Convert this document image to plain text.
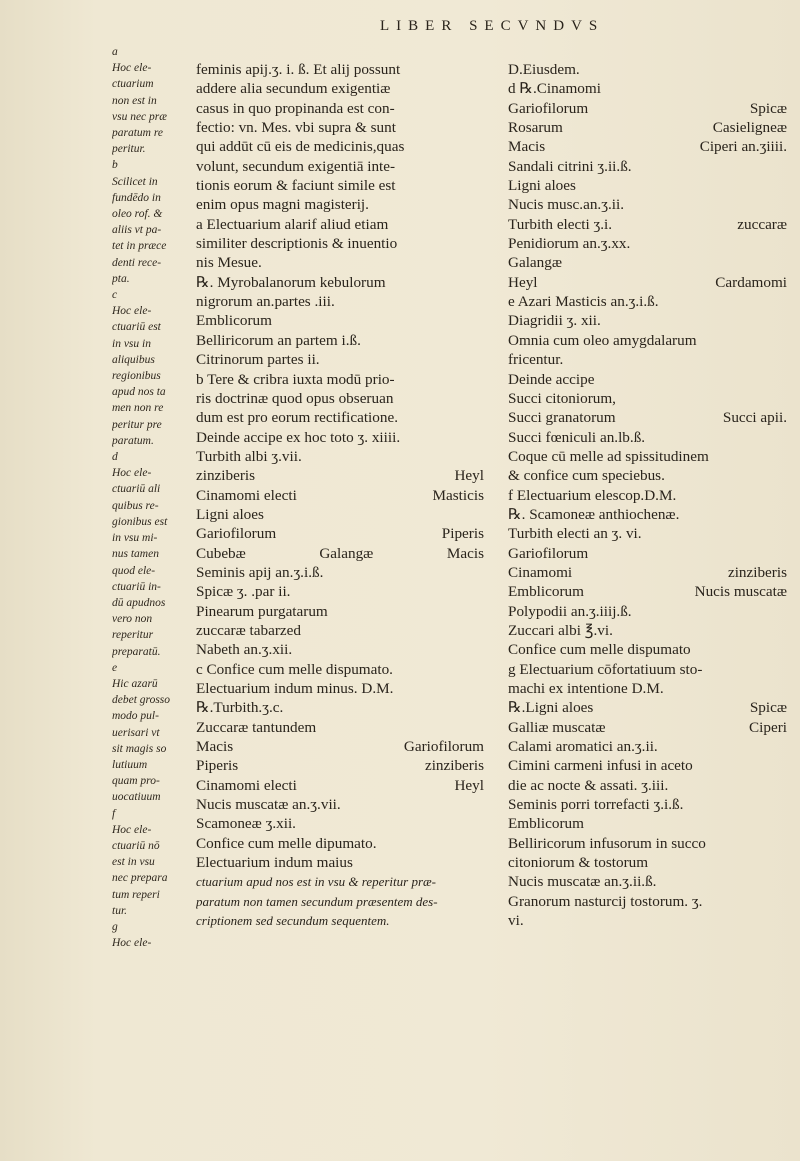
LIBER SECVNDVS
a
Hoc ele-
ctuarium
non est in
vsu nec præ
paratum re
peritur.
b
Scilicet in
fundēdo in
oleo rof. &
aliis vt pa-
tet in præce
denti rece-
pta.
c
Hoc ele-
ctuariū est
in vsu in
aliquibus
regionibus
apud nos ta
men non re
peritur pre
paratum.
d
Hoc ele-
ctuariū ali
quibus re-
gionibus est
in vsu mi-
nus tamen
quod ele-
ctuariū in-
dū apudnos
vero non
reperitur
preparatū.
e
Hic azarū
debet grosso
modo pul-
uerisari vt
sit magis so
lutiuum
quam pro-
uocatiuum
f
Hoc ele-
ctuariū nō
est in vsu
nec prepara
tum reperi
tur.
g
Hoc ele-
feminis apij.ʒ. i. ß. Et alij possunt
addere alia secundum exigentiæ
casus in quo propinanda est con-
fectio: vn. Mes. vbi supra & sunt
qui addūt cū eis de medicinis,quas
volunt, secundum exigentiā inte-
tionis eorum & faciunt simile est
enim opus magni magisterij.
a Electuarium alarif aliud etiam
similiter descriptionis & inuentio
nis Mesue.
℞. Myrobalanorum kebulorum
nigrorum an.partes .iii.
Emblicorum
Belliricorum an partem i.ß.
Citrinorum partes ii.
b Tere & cribra iuxta modū prio-
ris doctrinæ quod opus obseruan
dum est pro eorum rectificatione.
Deinde accipe ex hoc toto ʒ. xiiii.
Turbith albi ʒ.vii.
zinziberis	Heyl
Cinamomi electi	Masticis
Ligni aloes
Gariofilorum	Piperis
Cubebæ	Galangæ	Macis
Seminis apij an.ʒ.i.ß.
Spicæ ʒ. .par ii.
Pinearum purgatarum
zuccaræ tabarzed
Nabeth an.ʒ.xii.
c Confice cum melle dispumato.
Electuarium indum minus. D.M.
℞.Turbith.ʒ.c.
Zuccaræ tantundem
Macis	Gariofilorum
Piperis	zinziberis
Cinamomi electi	Heyl
Nucis muscatæ an.ʒ.vii.
Scamoneæ ʒ.xii.
Confice cum melle dipumato.
Electuarium indum maius
ctuarium apud nos est in vsu & reperitur præ-
paratum non tamen secundum præsentem des-
criptionem sed secundum sequentem.
D.Eiusdem.
d ℞.Cinamomi
Gariofilorum	Spicæ
Rosarum	Casieligneæ
Macis	Ciperi an.ʒiiii.
Sandali citrini ʒ.ii.ß.
Ligni aloes
Nucis musc.an.ʒ.ii.
Turbith electi ʒ.i.	zuccaræ
Penidiorum an.ʒ.xx.
Galangæ
Heyl	Cardamomi
e Azari Masticis an.ʒ.i.ß.
Diagridii ʒ. xii.
Omnia cum oleo amygdalarum
fricentur.
Deinde accipe
Succi citoniorum,
Succi granatorum	Succi apii.
Succi fœniculi an.lb.ß.
Coque cū melle ad spissitudinem
& confice cum speciebus.
f Electuarium elescop.D.M.
℞. Scamoneæ anthiochenæ.
Turbith electi an ʒ. vi.
Gariofilorum
Cinamomi	zinziberis
Emblicorum	Nucis muscatæ
Polypodii an.ʒ.iiij.ß.
Zuccari albi ℥.vi.
Confice cum melle dispumato
g Electuarium cōfortatiuum sto-
machi ex intentione D.M.
℞.Ligni aloes	Spicæ
Galliæ muscatæ	Ciperi
Calami aromatici an.ʒ.ii.
Cimini carmeni infusi in aceto
die ac nocte & assati. ʒ.iii.
Seminis porri torrefacti ʒ.i.ß.
Emblicorum
Belliricorum infusorum in succo
citoniorum & tostorum
Nucis muscatæ an.ʒ.ii.ß.
Granorum nasturcij tostorum. ʒ.
vi.
